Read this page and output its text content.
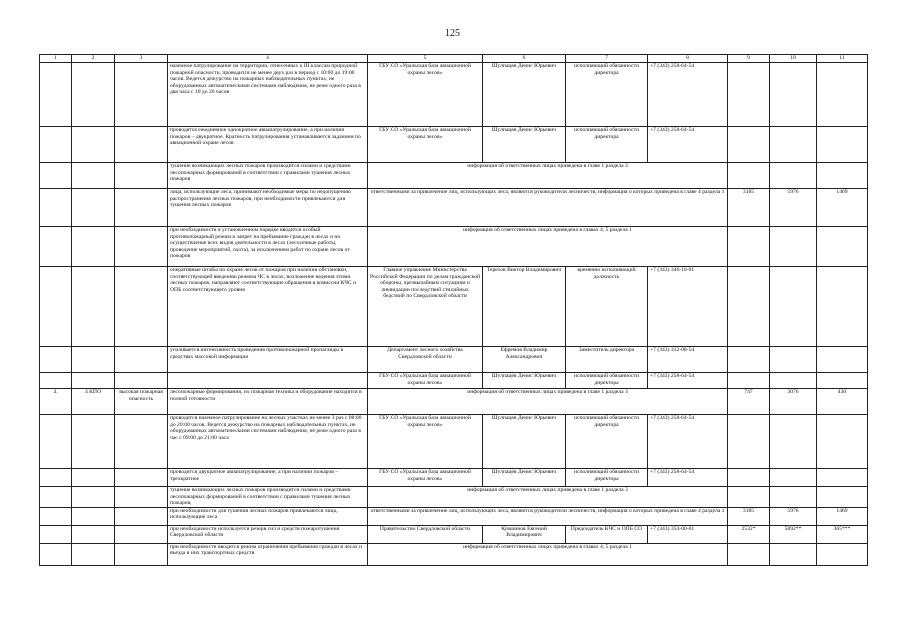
125
1	2	3	4	5	6	7	8	9	10	11
			наземное патрулирование на территории, отнесенных к III классам природной пожарной опасности, проводится не менее двух раз в период с 10:00 до 19:00 часов. Ведется дежурство на пожарных наблюдательных пунктах, не оборудованных автоматическими системами наблюдения, не реже одного раза в два часа с 10 до 20 часов	ГБУ СО «Уральская база авиационной охраны лесов»	Шулпацев Денис Юрьевич	исполняющий обязанности директора	+7 (343) 258-64-54			
			проводятся ежедневное однократное авиапатрулирование, а при наличии пожаров – двукратное. Кратность патрулирования устанавливается заданием по авиационной охране лесов	ГБУ СО «Уральская база авиационной охраны лесов»	Шулпацев Денис Юрьевич	исполняющий обязанности директора	+7 (343) 258-64-54			
			тушение возникающих лесных пожаров производится силами и средствами лесопожарных формирований в соответствии с правилами тушения лесных пожаров	информация об ответственных лицах приведена в главе 1 раздела 3						
			лица, использующие леса, принимают необходимые меры по недопущению распространения лесных пожаров, при необходимости привлекаются для тушения лесных пожаров	ответственными за привлечение лиц, использующих леса, являются руководители лесничеств, информация о которых приведена в главе 4 раздела 1				3185	5976	1469
			при необходимости в установленном порядке вводится особый противопожарный режим и запрет на пребывание граждан в лесах и на осуществление всех видов деятельности в лесах (лесосечные работы, проведение мероприятий, охота), за исключением работ по охране лесов от пожаров	информация об ответственных лицах приведена в главах 4, 5 раздела 1						
			оперативные штабы по охране лесов от пожаров при наличии обстановки, соответствующей введению режима ЧС в лесах, возложение ведения этими лесных пожаров, направляют соответствующие обращения в комиссии КЧС и ОПБ соответствующего уровня	Главное управление Министерства Российской Федерации по делам гражданской обороны, чрезвычайным ситуациям и ликвидации последствий стихийных бедствий по Свердловской области	Терехов Виктор Владимирович	временно исполняющий должность	+7 (343) 346-10-01			
			усиливается интенсивность проведения противопожарной пропаганды в средствах массовой информации	Департамент лесного хозяйства Свердловской области	Ефремов Владимир Александрович	Заместитель директора	+7 (343) 312-08-54			
				ГБУ СО «Уральская база авиационной охраны лесов»	Шулпацев Денис Юрьевич	исполняющий обязанности директора	+7 (343) 258-64-54			
4.	4 КПО	высокая пожарная опасность	лесопожарные формирования, их пожарная техника и оборудование находятся в полной готовности	информация об ответственных лицах приведена в главе 1 раздела 3				747	3076	430
			проводится наземное патрулирование на лесных участках не менее 3 раз с 08:00 до 20:00 часов. Ведется дежурство на пожарных наблюдательных пунктах, не оборудованных автоматическими системами наблюдения, не реже одного раза в час с 09:00 до 21:00 часа	ГБУ СО «Уральская база авиационной охраны лесов»	Шулпацев Денис Юрьевич	исполняющий обязанности директора	+7 (343) 258-64-54			
			проводится двукратное авиапатрулирование, а при наличии пожаров – трехкратное	ГБУ СО «Уральская база авиационной охраны лесов»	Шулпацев Денис Юрьевич	исполняющий обязанности директора	+7 (343) 258-64-54			
			тушение возникающих лесных пожаров производится силами и средствами лесопожарных формирований в соответствии с правилами тушения лесных пожаров,	информация об ответственных лицах приведена в главе 1 раздела 3						
			при необходимости для тушения лесных пожаров привлекаются лица, использующие леса	ответственными за привлечение лиц, использующих леса, являются руководители лесничеств, информация о которых приведена в главе 4 раздела 1				3185	5976	1469
			при необходимости используется резерв сил и средств пожаротушения Свердловской области	Правительство Свердловской области	Кувшинов Евгений Владимирович	Председатель КЧС и ОПБ СО	+7 (343) 354-00-01	2532*	5892**	365***
			при необходимости вводится режим ограничения пребывания граждан в лесах и въезда в них транспортных средств	информация об ответственных лицах приведена в главах 4, 5 раздела 1						
